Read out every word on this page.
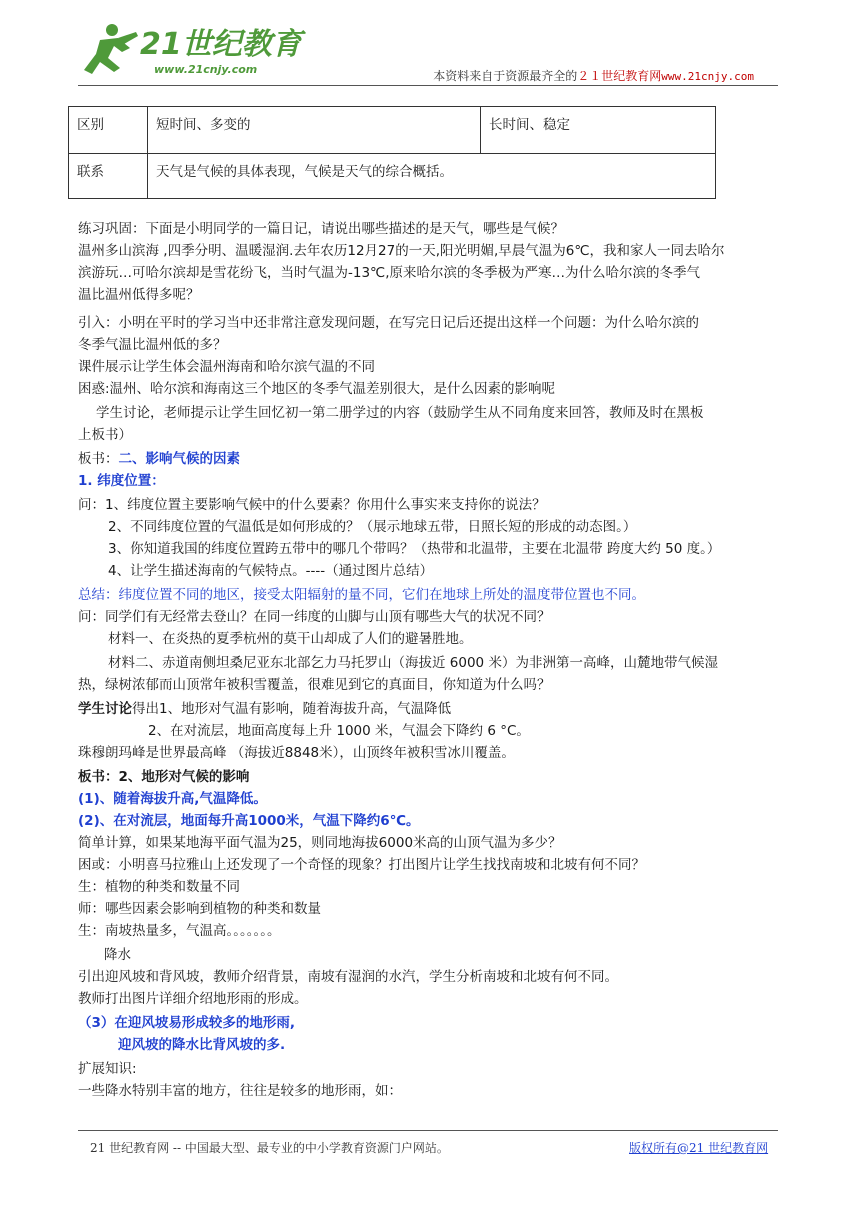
21世纪教育
www.21cnjy.com	本资料来自于资源最齐全的２１世纪教育网www.21cnjy.com
区别	短时间、多变的	长时间、稳定
联系	天气是气候的具体表现，气候是天气的综合概括。	
练习巩固：下面是小明同学的一篇日记，请说出哪些描述的是天气，哪些是气候？
温州多山滨海 ,四季分明、温暖湿润.去年农历12月27的一天,阳光明媚,早晨气温为6℃，我和家人一同去哈尔
滨游玩…可哈尔滨却是雪花纷飞，当时气温为-13℃,原来哈尔滨的冬季极为严寒…为什么哈尔滨的冬季气
温比温州低得多呢？
引入：小明在平时的学习当中还非常注意发现问题，在写完日记后还提出这样一个问题：为什么哈尔滨的
冬季气温比温州低的多？
课件展示让学生体会温州海南和哈尔滨气温的不同
困惑:温州、哈尔滨和海南这三个地区的冬季气温差别很大，是什么因素的影响呢
学生讨论，老师提示让学生回忆初一第二册学过的内容（鼓励学生从不同角度来回答，教师及时在黑板
上板书）
板书：二、影响气候的因素
1. 纬度位置：
问：1、纬度位置主要影响气候中的什么要素？你用什么事实来支持你的说法？
2、不同纬度位置的气温低是如何形成的？（展示地球五带，日照长短的形成的动态图。）
3、你知道我国的纬度位置跨五带中的哪几个带吗？（热带和北温带，主要在北温带 跨度大约 50 度。）
4、让学生描述海南的气候特点。----（通过图片总结）
总结：纬度位置不同的地区，接受太阳辐射的量不同，它们在地球上所处的温度带位置也不同。
问：同学们有无经常去登山？在同一纬度的山脚与山顶有哪些大气的状况不同？
材料一、在炎热的夏季杭州的莫干山却成了人们的避暑胜地。
材料二、赤道南侧坦桑尼亚东北部乞力马托罗山（海拔近 6000 米）为非洲第一高峰，山麓地带气候湿
热，绿树浓郁而山顶常年被积雪覆盖，很难见到它的真面目，你知道为什么吗？
学生讨论得出1、地形对气温有影响，随着海拔升高，气温降低
2、在对流层，地面高度每上升 1000 米，气温会下降约 6 °C。
珠穆朗玛峰是世界最高峰 （海拔近8848米），山顶终年被积雪冰川覆盖。
板书：2、地形对气候的影响
(1)、随着海拔升高,气温降低。
(2)、在对流层，地面每升高1000米，气温下降约6℃。
简单计算，如果某地海平面气温为25，则同地海拔6000米高的山顶气温为多少？
困或：小明喜马拉雅山上还发现了一个奇怪的现象？打出图片让学生找找南坡和北坡有何不同？
生：植物的种类和数量不同
师：哪些因素会影响到植物的种类和数量
生：南坡热量多，气温高。。。。。。。
降水
引出迎风坡和背风坡，教师介绍背景，南坡有湿润的水汽，学生分析南坡和北坡有何不同。
教师打出图片详细介绍地形雨的形成。
（3）在迎风坡易形成较多的地形雨,
迎风坡的降水比背风坡的多.
扩展知识:
一些降水特别丰富的地方，往往是较多的地形雨，如：
21 世纪教育网 -- 中国最大型、最专业的中小学教育资源门户网站。	版权所有@21 世纪教育网
